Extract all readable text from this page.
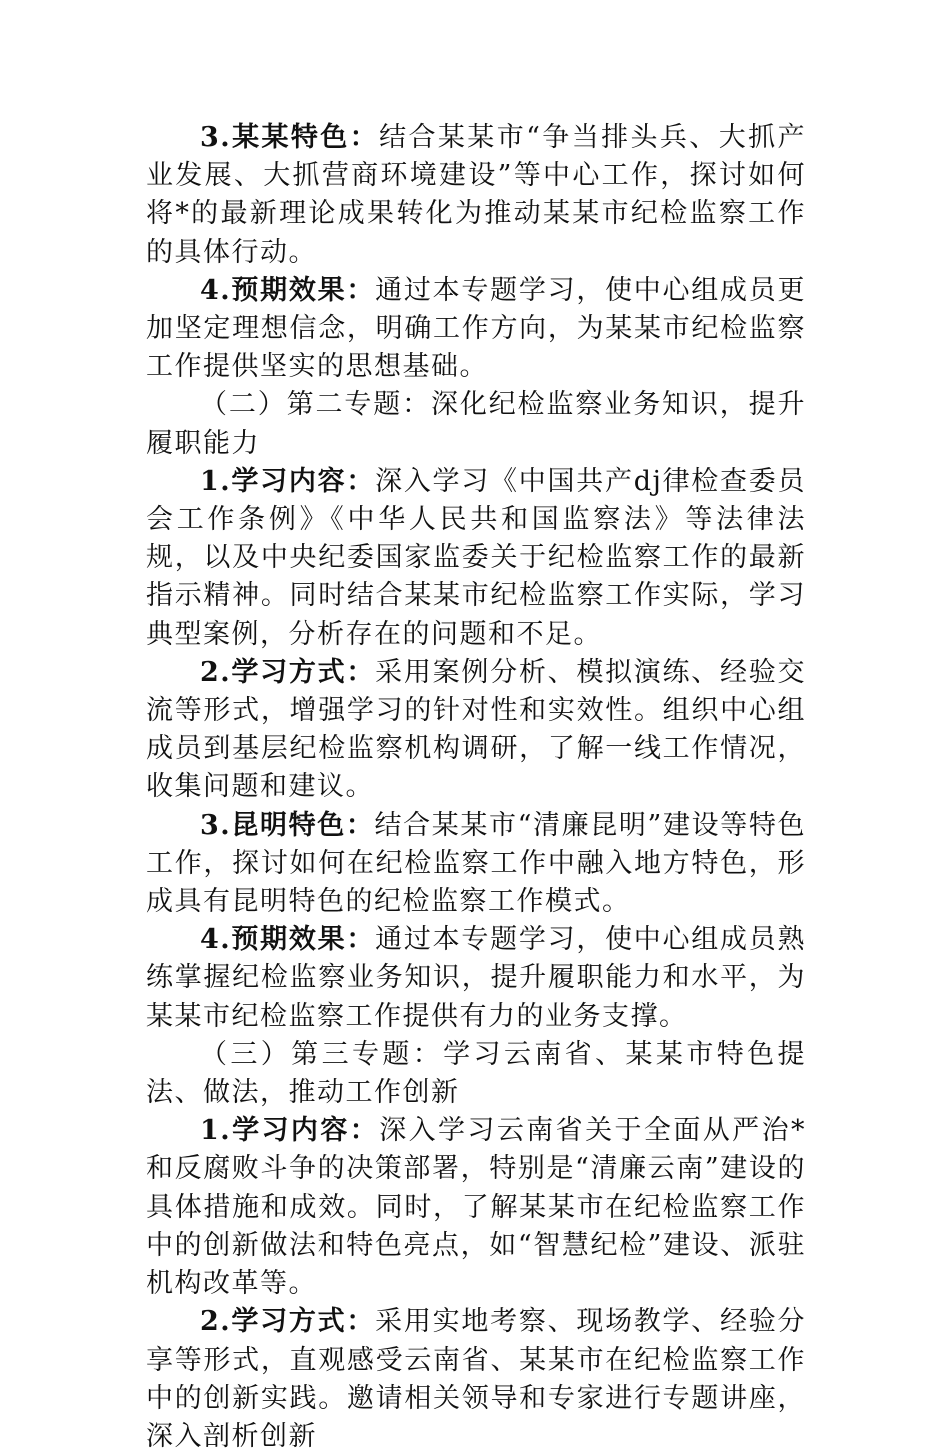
3.某某特色：结合某某市“争当排头兵、大抓产业发展、大抓营商环境建设”等中心工作，探讨如何将*的最新理论成果转化为推动某某市纪检监察工作的具体行动。

4.预期效果：通过本专题学习，使中心组成员更加坚定理想信念，明确工作方向，为某某市纪检监察工作提供坚实的思想基础。

（二）第二专题：深化纪检监察业务知识，提升履职能力

1.学习内容：深入学习《中国共产dj律检查委员会工作条例》《中华人民共和国监察法》等法律法规，以及中央纪委国家监委关于纪检监察工作的最新指示精神。同时结合某某市纪检监察工作实际，学习典型案例，分析存在的问题和不足。

2.学习方式：采用案例分析、模拟演练、经验交流等形式，增强学习的针对性和实效性。组织中心组成员到基层纪检监察机构调研，了解一线工作情况，收集问题和建议。

3.昆明特色：结合某某市“清廉昆明”建设等特色工作，探讨如何在纪检监察工作中融入地方特色，形成具有昆明特色的纪检监察工作模式。

4.预期效果：通过本专题学习，使中心组成员熟练掌握纪检监察业务知识，提升履职能力和水平，为某某市纪检监察工作提供有力的业务支撑。

（三）第三专题：学习云南省、某某市特色提法、做法，推动工作创新

1.学习内容：深入学习云南省关于全面从严治*和反腐败斗争的决策部署，特别是“清廉云南”建设的具体措施和成效。同时，了解某某市在纪检监察工作中的创新做法和特色亮点，如“智慧纪检”建设、派驻机构改革等。

2.学习方式：采用实地考察、现场教学、经验分享等形式，直观感受云南省、某某市在纪检监察工作中的创新实践。邀请相关领导和专家进行专题讲座，深入剖析创新
